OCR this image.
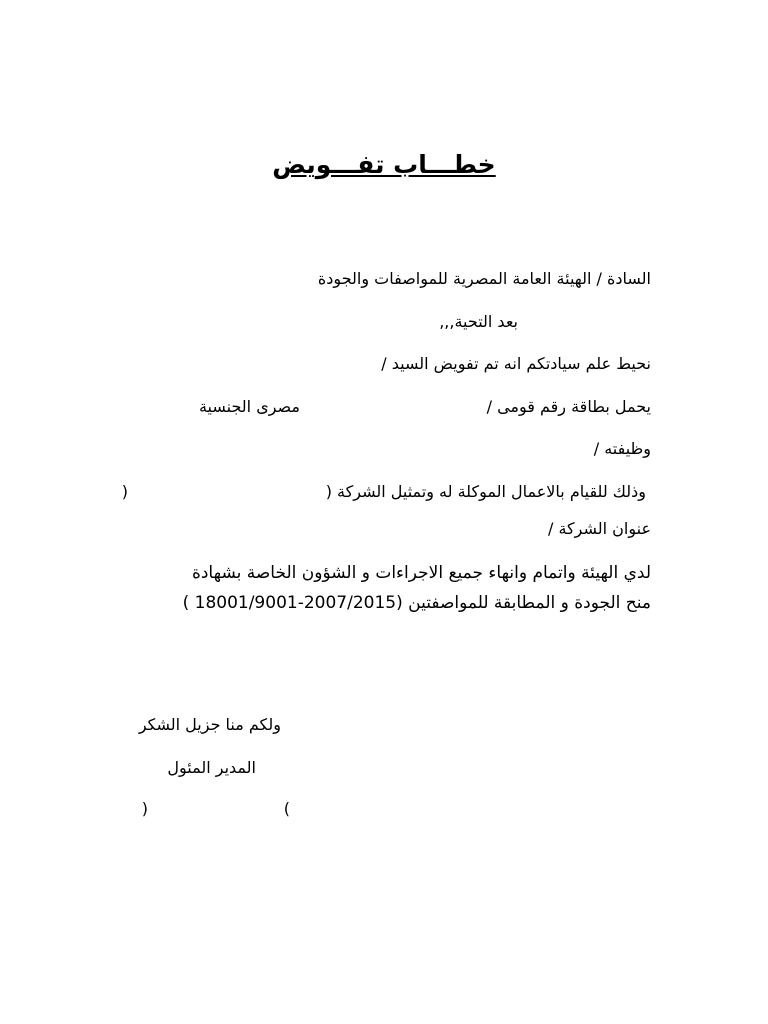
خطـــاب تفـــويض
السادة / الهيئة العامة المصرية للمواصفات والجودة
بعد التحية,,,
نحيط علم سيادتكم انه تم تفويض السيد /
يحمل بطاقة رقم قومى /
مصرى الجنسية
وظيفته /
وذلك للقيام بالاعمال الموكلة له وتمثيل الشركة (
)
عنوان الشركة /
لدي الهيئة واتمام وانهاء جميع الاجراءات و الشؤون الخاصة بشهادة
منح الجودة و المطابقة للمواصفتين (2007/2015-18001/9001 )
ولكم منا جزيل الشكر
المدير المئول
(
)
